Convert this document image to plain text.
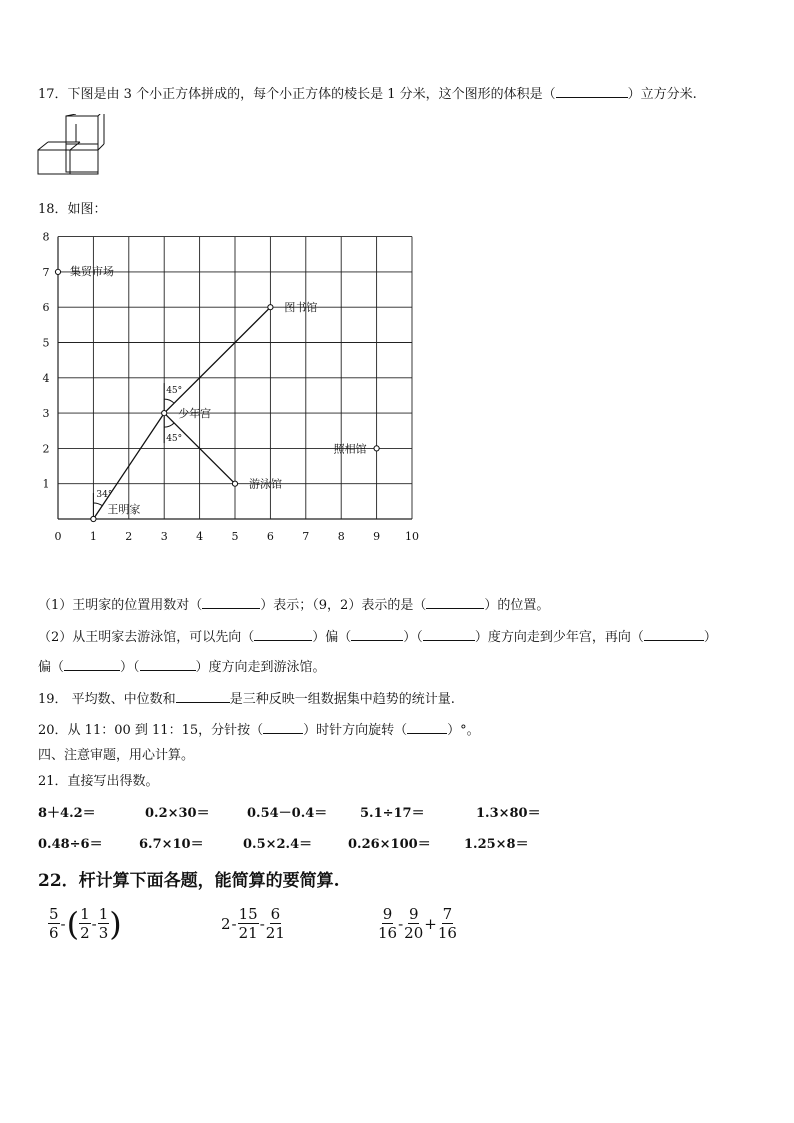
17．下图是由 3 个小正方体拼成的，每个小正方体的棱长是 1 分米，这个图形的体积是（	）立方分米.
18．如图：
34°
45°
45°
集贸市场
图书馆
少年宫
照相馆
游泳馆
王明家
0	1	2	3	4	5	6	7	8	9 10
1
2
3
4
5
6
7
8
（1）王明家的位置用数对（	）表示；（9，2）表示的是（	）的位置。
（2）从王明家去游泳馆，可以先向（	）偏（	）（	）度方向走到少年宫，再向（	）
偏（	）（	）度方向走到游泳馆。
19． 平均数、中位数和	是三种反映一组数据集中趋势的统计量.
20．从 11：00 到 11：15，分针按（	）时针方向旋转（	）°。
四、注意审题，用心计算。
21．直接写出得数。
8＋4.2＝	0.2×30＝	0.54－0.4＝	5.1÷17＝	1.3×80＝
0.48÷6＝	6.7×10＝	0.5×2.4＝	0.26×100＝	1.25×8＝
22．杆计算下面各题，能简算的要简算.
$\frac{5}{6}$ - ( $\frac{1}{2} - \frac{1}{3}$ )	$2 - \frac{15}{21} - \frac{6}{21}$	$\frac{9}{16} - \frac{9}{20} + \frac{7}{16}$
